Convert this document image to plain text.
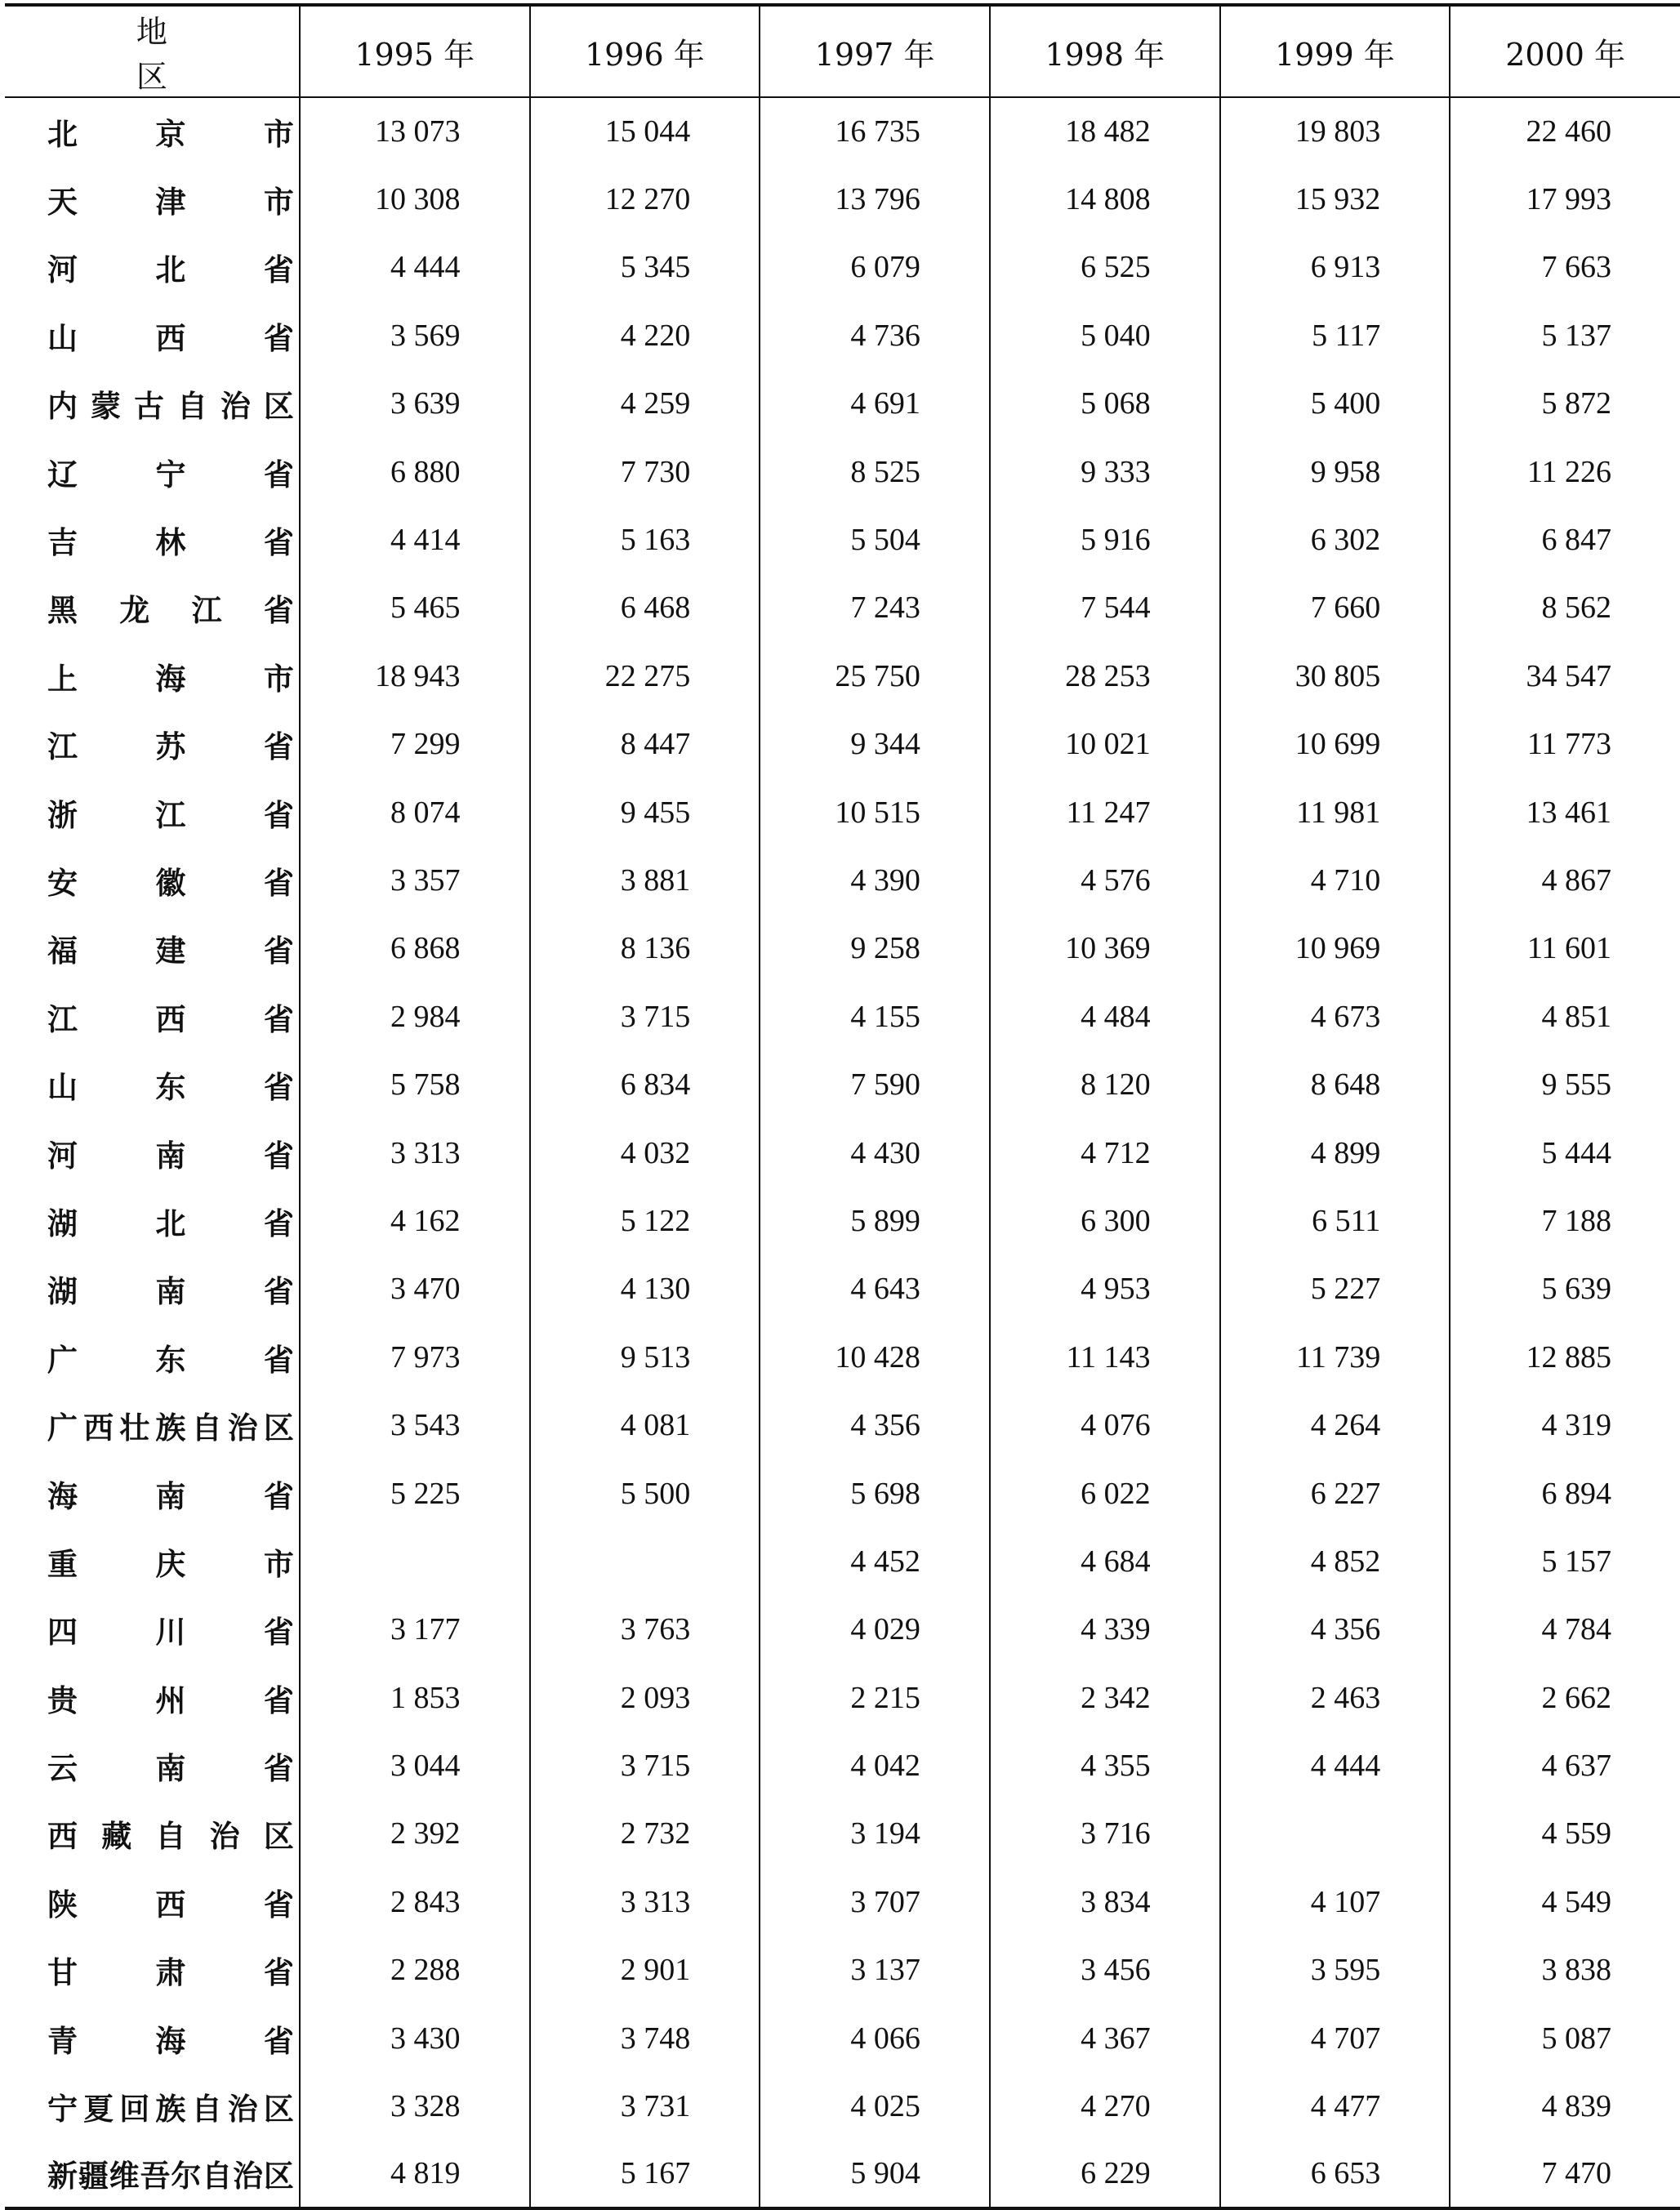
地 区	1995 年	1996 年	1997 年	1998 年	1999 年	2000 年
北 京 市	13 073	15 044	16 735	18 482	19 803	22 460
天 津 市	10 308	12 270	13 796	14 808	15 932	17 993
河 北 省	4 444	5 345	6 079	6 525	6 913	7 663
山 西 省	3 569	4 220	4 736	5 040	5 117	5 137
内蒙古自治区	3 639	4 259	4 691	5 068	5 400	5 872
辽 宁 省	6 880	7 730	8 525	9 333	9 958	11 226
吉 林 省	4 414	5 163	5 504	5 916	6 302	6 847
黑 龙 江 省	5 465	6 468	7 243	7 544	7 660	8 562
上 海 市	18 943	22 275	25 750	28 253	30 805	34 547
江 苏 省	7 299	8 447	9 344	10 021	10 699	11 773
浙 江 省	8 074	9 455	10 515	11 247	11 981	13 461
安 徽 省	3 357	3 881	4 390	4 576	4 710	4 867
福 建 省	6 868	8 136	9 258	10 369	10 969	11 601
江 西 省	2 984	3 715	4 155	4 484	4 673	4 851
山 东 省	5 758	6 834	7 590	8 120	8 648	9 555
河 南 省	3 313	4 032	4 430	4 712	4 899	5 444
湖 北 省	4 162	5 122	5 899	6 300	6 511	7 188
湖 南 省	3 470	4 130	4 643	4 953	5 227	5 639
广 东 省	7 973	9 513	10 428	11 143	11 739	12 885
广西壮族自治区	3 543	4 081	4 356	4 076	4 264	4 319
海 南 省	5 225	5 500	5 698	6 022	6 227	6 894
重 庆 市			4 452	4 684	4 852	5 157
四 川 省	3 177	3 763	4 029	4 339	4 356	4 784
贵 州 省	1 853	2 093	2 215	2 342	2 463	2 662
云 南 省	3 044	3 715	4 042	4 355	4 444	4 637
西藏自治区	2 392	2 732	3 194	3 716		4 559
陕 西 省	2 843	3 313	3 707	3 834	4 107	4 549
甘 肃 省	2 288	2 901	3 137	3 456	3 595	3 838
青 海 省	3 430	3 748	4 066	4 367	4 707	5 087
宁夏回族自治区	3 328	3 731	4 025	4 270	4 477	4 839
新疆维吾尔自治区	4 819	5 167	5 904	6 229	6 653	7 470
